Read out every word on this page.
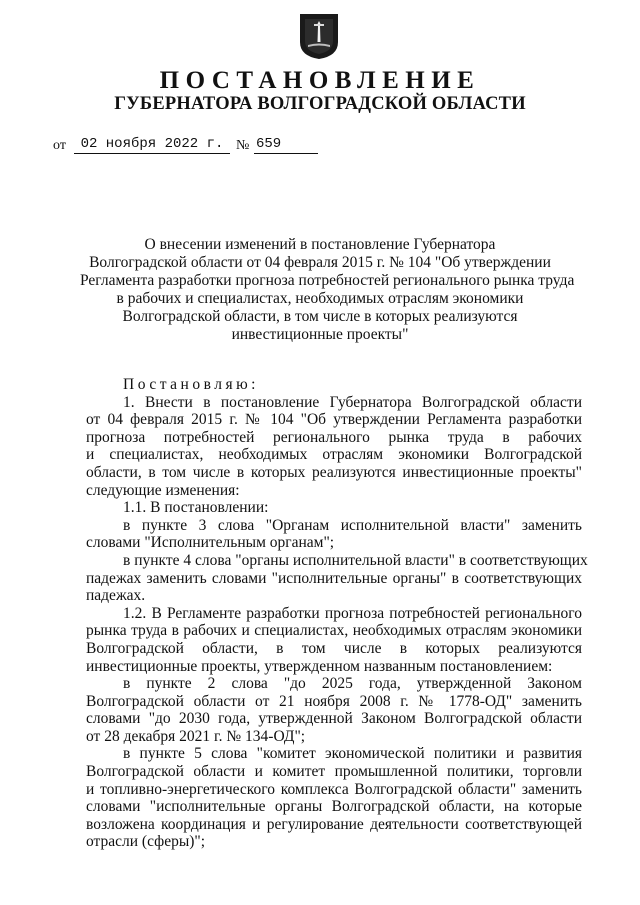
ПОСТАНОВЛЕНИЕ
ГУБЕРНАТОРА ВОЛГОГРАДСКОЙ ОБЛАСТИ
от	02 ноября 2022 г. № 659
О внесении изменений в постановление Губернатора
Волгоградской области от 04 февраля 2015 г. № 104 "Об утверждении
Регламента разработки прогноза потребностей регионального рынка труда
в рабочих и специалистах, необходимых отраслям экономики
Волгоградской области, в том числе в которых реализуются
инвестиционные проекты"
Постановляю:
1. Внести в постановление Губернатора Волгоградской области
от 04 февраля 2015 г. № 104 "Об утверждении Регламента разработки
прогноза потребностей регионального рынка труда в рабочих
и специалистах, необходимых отраслям экономики Волгоградской
области, в том числе в которых реализуются инвестиционные проекты"
следующие изменения:
1.1. В постановлении:
в пункте 3 слова "Органам исполнительной власти" заменить
словами "Исполнительным органам";
в пункте 4 слова "органы исполнительной власти" в соответствующих
падежах заменить словами "исполнительные органы" в соответствующих
падежах.
1.2. В Регламенте разработки прогноза потребностей регионального
рынка труда в рабочих и специалистах, необходимых отраслям экономики
Волгоградской области, в том числе в которых реализуются
инвестиционные проекты, утвержденном названным постановлением:
в пункте 2 слова "до 2025 года, утвержденной Законом
Волгоградской области от 21 ноября 2008 г. № 1778-ОД" заменить
словами "до 2030 года, утвержденной Законом Волгоградской области
от 28 декабря 2021 г. № 134-ОД";
в пункте 5 слова "комитет экономической политики и развития
Волгоградской области и комитет промышленной политики, торговли
и топливно-энергетического комплекса Волгоградской области" заменить
словами "исполнительные органы Волгоградской области, на которые
возложена координация и регулирование деятельности соответствующей
отрасли (сферы)";
